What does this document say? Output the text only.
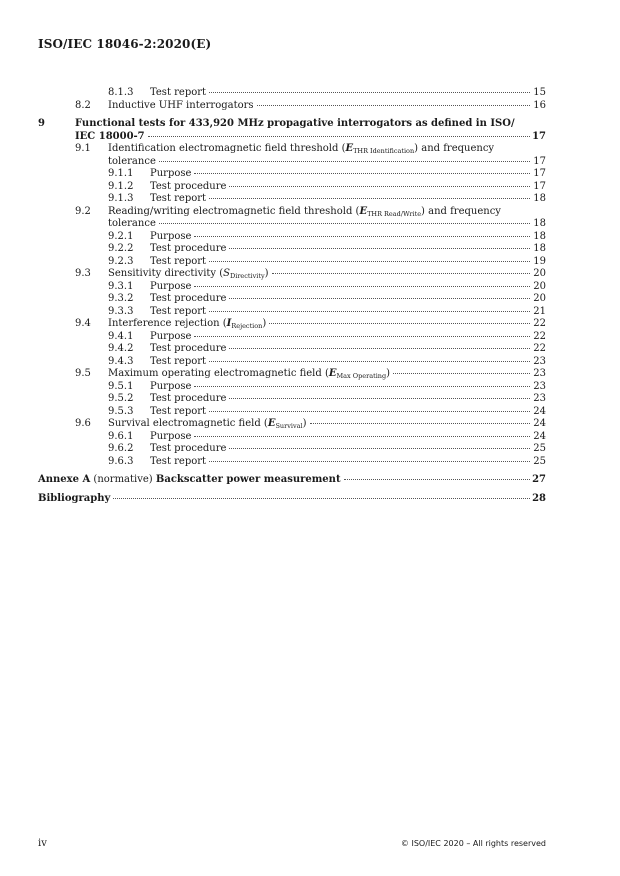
ISO/IEC 18046-2:2020(E)
8.1.3 Test report	15
8.2 Inductive UHF interrogators	16
9	Functional tests for 433,920 MHz propagative interrogators as defined in ISO/
IEC 18000-7	17
9.1 Identification electromagnetic field threshold $(E_{THR Identification})$ and frequency
tolerance	17
9.1.1 Purpose	17
9.1.2 Test procedure	17
9.1.3 Test report	18
9.2 Reading/writing electromagnetic field threshold $(E_{THR Read/Write})$ and frequency
tolerance	18
9.2.1 Purpose	18
9.2.2 Test procedure	18
9.2.3 Test report	19
9.3 Sensitivity directivity $(S_{Directivity})$	20
9.3.1 Purpose	20
9.3.2 Test procedure	20
9.3.3 Test report	21
9.4 Interference rejection $(I_{Rejection})$	22
9.4.1 Purpose	22
9.4.2 Test procedure	22
9.4.3 Test report	23
9.5 Maximum operating electromagnetic field $(E_{Max Operating})$	23
9.5.1 Purpose	23
9.5.2 Test procedure	23
9.5.3 Test report	24
9.6 Survival electromagnetic field $(E_{Survival})$	24
9.6.1 Purpose	24
9.6.2 Test procedure	25
9.6.3 Test report	25
Annexe A (normative) Backscatter power measurement	27
Bibliography	28
iv	© ISO/IEC 2020 – All rights reserved
